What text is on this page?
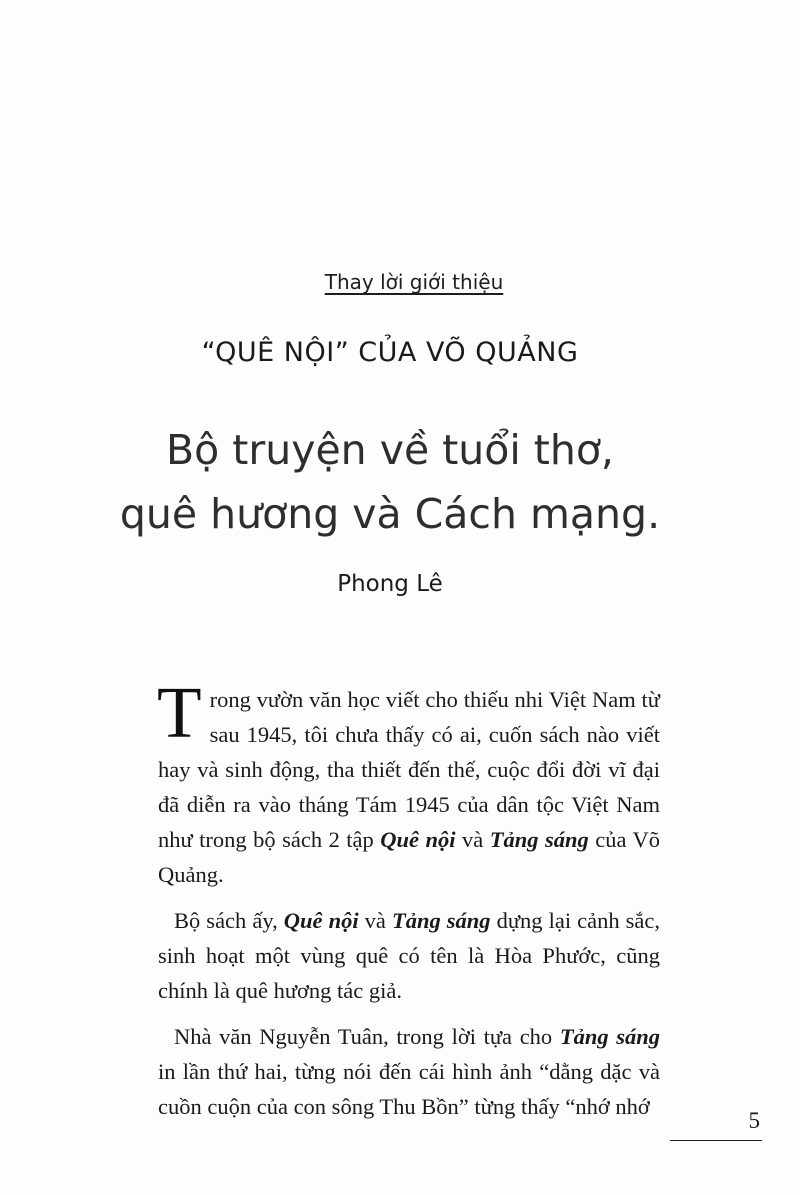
Thay lời giới thiệu
“QUÊ NỘI” CỦA VÕ QUẢNG
Bộ truyện về tuổi thơ,
quê hương và Cách mạng.
Phong Lê

Trong vườn văn học viết cho thiếu nhi Việt Nam từ sau 1945, tôi chưa thấy có ai, cuốn sách nào viết hay và sinh động, tha thiết đến thế, cuộc đổi đời vĩ đại đã diễn ra vào tháng Tám 1945 của dân tộc Việt Nam như trong bộ sách 2 tập Quê nội và Tảng sáng của Võ Quảng.

Bộ sách ấy, Quê nội và Tảng sáng dựng lại cảnh sắc, sinh hoạt một vùng quê có tên là Hòa Phước, cũng chính là quê hương tác giả.

Nhà văn Nguyễn Tuân, trong lời tựa cho Tảng sáng in lần thứ hai, từng nói đến cái hình ảnh “dằng dặc và cuồn cuộn của con sông Thu Bồn” từng thấy “nhớ nhớ

5
